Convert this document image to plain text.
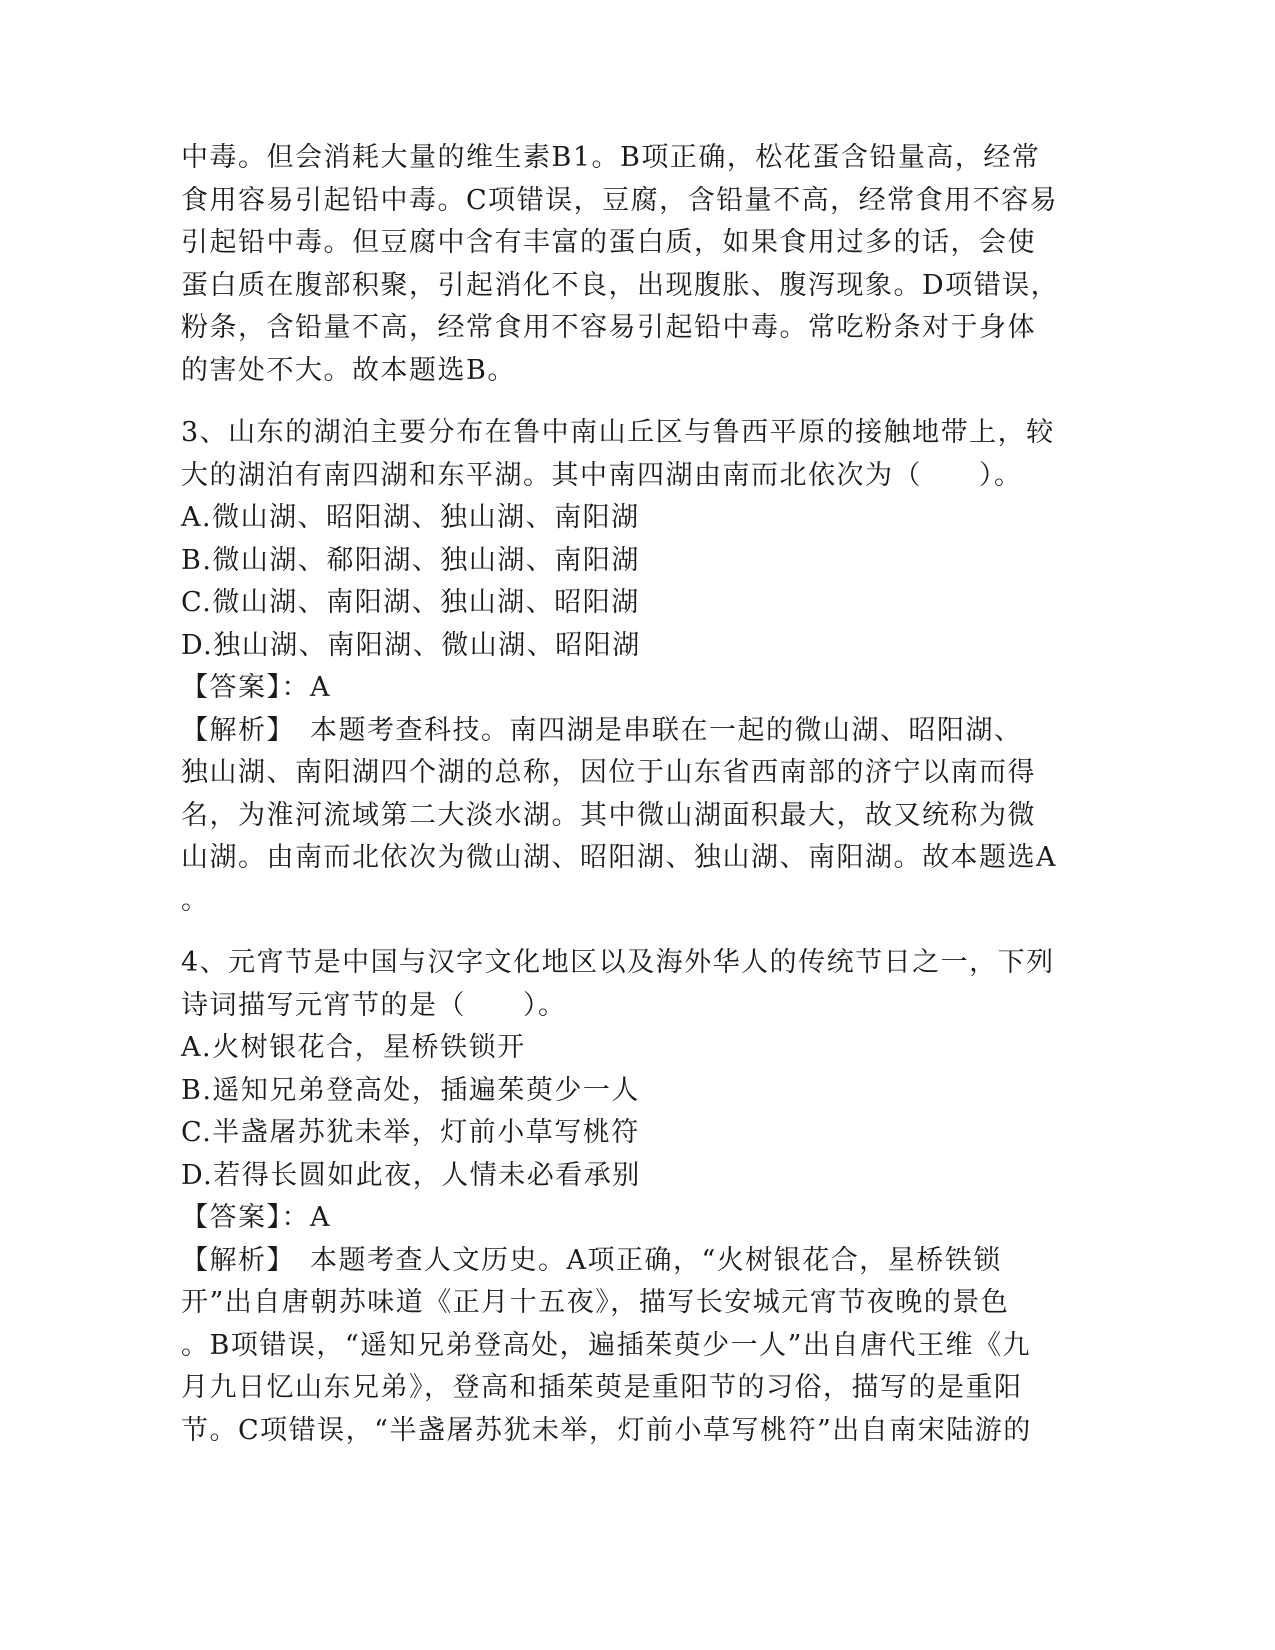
中毒。但会消耗大量的维生素B1。B项正确，松花蛋含铅量高，经常
食用容易引起铅中毒。C项错误，豆腐，含铅量不高，经常食用不容易
引起铅中毒。但豆腐中含有丰富的蛋白质，如果食用过多的话，会使
蛋白质在腹部积聚，引起消化不良，出现腹胀、腹泻现象。D项错误，
粉条，含铅量不高，经常食用不容易引起铅中毒。常吃粉条对于身体
的害处不大。故本题选B。
3、山东的湖泊主要分布在鲁中南山丘区与鲁西平原的接触地带上，较
大的湖泊有南四湖和东平湖。其中南四湖由南而北依次为（　　）。
A.微山湖、昭阳湖、独山湖、南阳湖
B.微山湖、郗阳湖、独山湖、南阳湖
C.微山湖、南阳湖、独山湖、昭阳湖
D.独山湖、南阳湖、微山湖、昭阳湖
【答案】：A
【解析】　本题考查科技。南四湖是串联在一起的微山湖、昭阳湖、
独山湖、南阳湖四个湖的总称，因位于山东省西南部的济宁以南而得
名，为淮河流域第二大淡水湖。其中微山湖面积最大，故又统称为微
山湖。由南而北依次为微山湖、昭阳湖、独山湖、南阳湖。故本题选A
。
4、元宵节是中国与汉字文化地区以及海外华人的传统节日之一，下列
诗词描写元宵节的是（　　）。
A.火树银花合，星桥铁锁开
B.遥知兄弟登高处，插遍茱萸少一人
C.半盏屠苏犹未举，灯前小草写桃符
D.若得长圆如此夜，人情未必看承别
【答案】：A
【解析】　本题考查人文历史。A项正确，“火树银花合，星桥铁锁
开”出自唐朝苏味道《正月十五夜》，描写长安城元宵节夜晚的景色
。B项错误，“遥知兄弟登高处，遍插茱萸少一人”出自唐代王维《九
月九日忆山东兄弟》，登高和插茱萸是重阳节的习俗，描写的是重阳
节。C项错误，“半盏屠苏犹未举，灯前小草写桃符”出自南宋陆游的
